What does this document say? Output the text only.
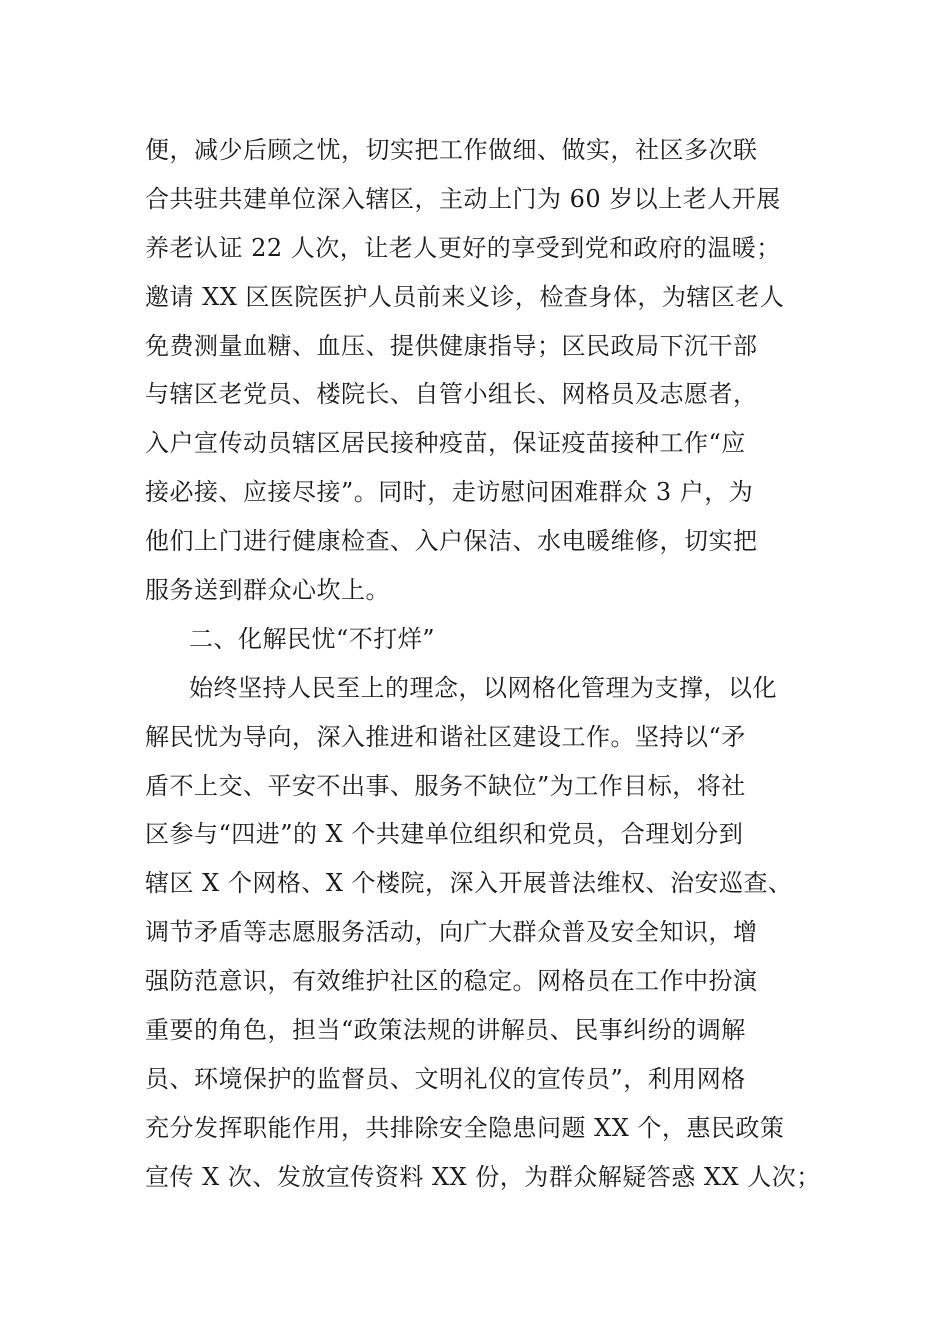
便，减少后顾之忧，切实把工作做细、做实，社区多次联
合共驻共建单位深入辖区，主动上门为 60 岁以上老人开展
养老认证 22 人次，让老人更好的享受到党和政府的温暖；
邀请 XX 区医院医护人员前来义诊，检查身体，为辖区老人
免费测量血糖、血压、提供健康指导；区民政局下沉干部
与辖区老党员、楼院长、自管小组长、网格员及志愿者，
入户宣传动员辖区居民接种疫苗，保证疫苗接种工作“应
接必接、应接尽接”。同时，走访慰问困难群众 3 户，为
他们上门进行健康检查、入户保洁、水电暖维修，切实把
服务送到群众心坎上。
二、化解民忧“不打烊”
始终坚持人民至上的理念，以网格化管理为支撑，以化
解民忧为导向，深入推进和谐社区建设工作。坚持以“矛
盾不上交、平安不出事、服务不缺位”为工作目标，将社
区参与“四进”的 X 个共建单位组织和党员，合理划分到
辖区 X 个网格、X 个楼院，深入开展普法维权、治安巡查、
调节矛盾等志愿服务活动，向广大群众普及安全知识，增
强防范意识，有效维护社区的稳定。网格员在工作中扮演
重要的角色，担当“政策法规的讲解员、民事纠纷的调解
员、环境保护的监督员、文明礼仪的宣传员”，利用网格
充分发挥职能作用，共排除安全隐患问题 XX 个，惠民政策
宣传 X 次、发放宣传资料 XX 份，为群众解疑答惑 XX 人次；
